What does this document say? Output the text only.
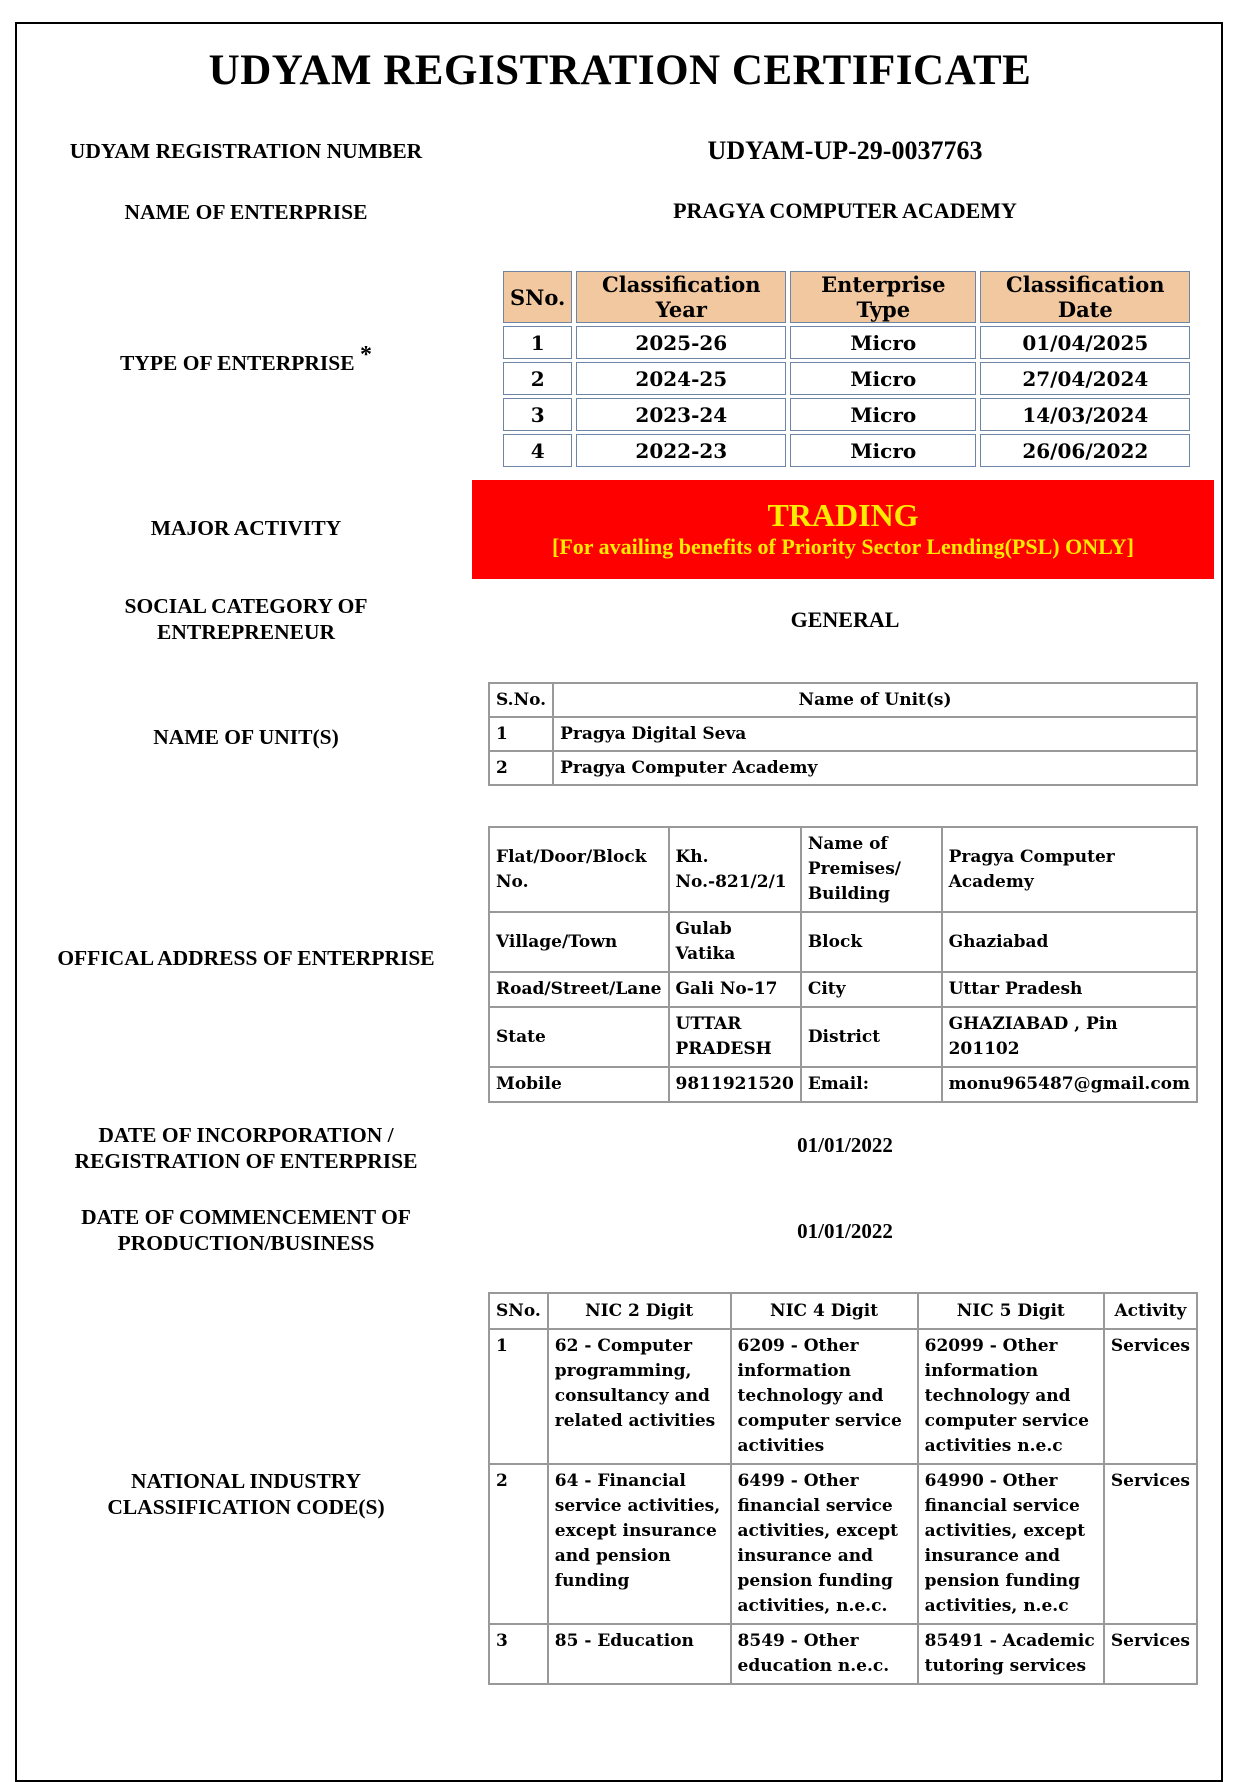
UDYAM REGISTRATION CERTIFICATE
UDYAM REGISTRATION NUMBER	UDYAM-UP-29-0037763
NAME OF ENTERPRISE	PRAGYA COMPUTER ACADEMY
TYPE OF ENTERPRISE *
SNo.	Classification Year	Enterprise Type	Classification Date
1	2025-26	Micro	01/04/2025
2	2024-25	Micro	27/04/2024
3	2023-24	Micro	14/03/2024
4	2022-23	Micro	26/06/2022
MAJOR ACTIVITY	TRADING
[For availing benefits of Priority Sector Lending(PSL) ONLY]
SOCIAL CATEGORY OF
ENTREPRENEUR	GENERAL
NAME OF UNIT(S)
S.No.	Name of Unit(s)
1	Pragya Digital Seva
2	Pragya Computer Academy
OFFICAL ADDRESS OF ENTERPRISE
Flat/Door/Block No.	Kh. No.-821/2/1	Name of Premises/ Building	Pragya Computer Academy
Village/Town	Gulab Vatika	Block	Ghaziabad
Road/Street/Lane	Gali No-17	City	Uttar Pradesh
State	UTTAR PRADESH	District	GHAZIABAD , Pin 201102
Mobile	9811921520	Email:	monu965487@gmail.com
DATE OF INCORPORATION /
REGISTRATION OF ENTERPRISE
01/01/2022
DATE OF COMMENCEMENT OF
PRODUCTION/BUSINESS	01/01/2022
NATIONAL INDUSTRY
CLASSIFICATION CODE(S)
SNo.	NIC 2 Digit	NIC 4 Digit	NIC 5 Digit	Activity
1	62 - Computer programming, consultancy and related activities	6209 - Other information technology and computer service activities	62099 - Other information technology and computer service activities n.e.c	Services
2	64 - Financial service activities, except insurance and pension funding	6499 - Other financial service activities, except insurance and pension funding activities, n.e.c.	64990 - Other financial service activities, except insurance and pension funding activities, n.e.c	Services
3	85 - Education	8549 - Other education n.e.c.	85491 - Academic tutoring services	Services
